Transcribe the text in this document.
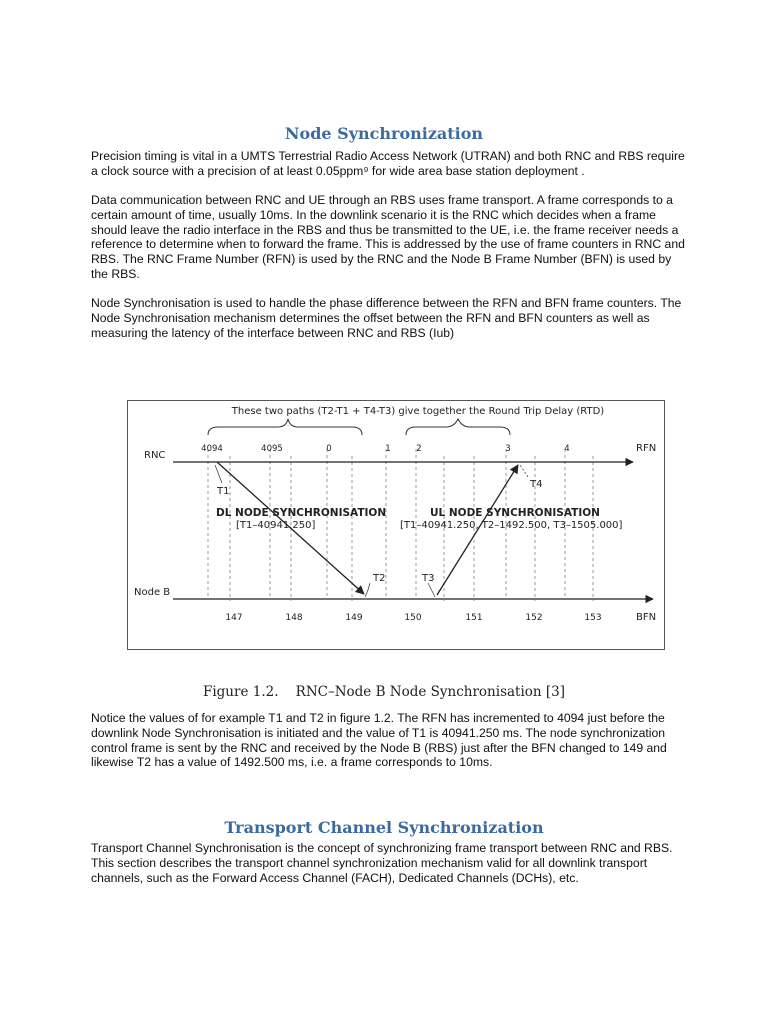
Node Synchronization

Precision timing is vital in a UMTS Terrestrial Radio Access Network (UTRAN) and both RNC and RBS require a clock source with a precision of at least 0.05ppm⁹ for wide area base station deployment .

Data communication between RNC and UE through an RBS uses frame transport. A frame corresponds to a certain amount of time, usually 10ms. In the downlink scenario it is the RNC which decides when a frame should leave the radio interface in the RBS and thus be transmitted to the UE, i.e. the frame receiver needs a reference to determine when to forward the frame. This is addressed by the use of frame counters in RNC and RBS. The RNC Frame Number (RFN) is used by the RNC and the Node B Frame Number (BFN) is used by the RBS.

Node Synchronisation is used to handle the phase difference between the RFN and BFN frame counters. The Node Synchronisation mechanism determines the offset between the RFN and BFN counters as well as measuring the latency of the interface between RNC and RBS (Iub)

These two paths (T2-T1 + T4-T3) give together the Round Trip Delay (RTD)
RNC
Node B
RFN
BFN
4094	4095	0	1	2	3	4
147	148	149	150	151	152	153
T1
T2	T3
T4
DL NODE SYNCHRONISATION
[T1–40941.250]
UL NODE SYNCHRONISATION
[T1–40941.250, T2–1492.500, T3–1505.000]

Figure 1.2. RNC–Node B Node Synchronisation [3]

Notice the values of for example T1 and T2 in figure 1.2. The RFN has incremented to 4094 just before the downlink Node Synchronisation is initiated and the value of T1 is 40941.250 ms. The node synchronization control frame is sent by the RNC and received by the Node B (RBS) just after the BFN changed to 149 and likewise T2 has a value of 1492.500 ms, i.e. a frame corresponds to 10ms.

Transport Channel Synchronization

Transport Channel Synchronisation is the concept of synchronizing frame transport between RNC and RBS. This section describes the transport channel synchronization mechanism valid for all downlink transport channels, such as the Forward Access Channel (FACH), Dedicated Channels (DCHs), etc.
